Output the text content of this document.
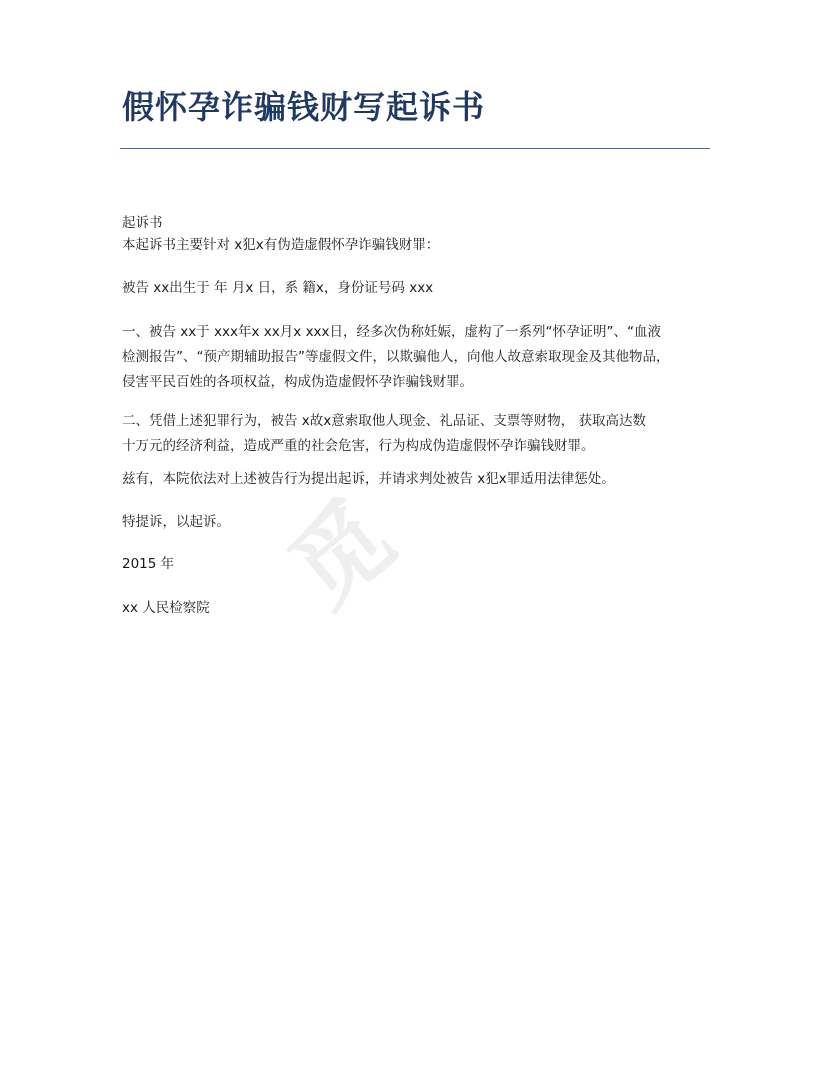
觅
假怀孕诈骗钱财写起诉书

起诉书
本起诉书主要针对 x犯x有伪造虚假怀孕诈骗钱财罪：

被告 xx出生于 年 月x 日，系 籍x，身份证号码 xxx

一、被告 xx于 xxx年x xx月x xxx日，经多次伪称妊娠，虚构了一系列“怀孕证明”、“血液
检测报告”、“预产期辅助报告”等虚假文件，以欺骗他人，向他人故意索取现金及其他物品，
侵害平民百姓的各项权益，构成伪造虚假怀孕诈骗钱财罪。

二、凭借上述犯罪行为，被告 x故x意索取他人现金、礼品证、支票等财物， 获取高达数
十万元的经济利益，造成严重的社会危害，行为构成伪造虚假怀孕诈骗钱财罪。

兹有，本院依法对上述被告行为提出起诉，并请求判处被告 x犯x罪适用法律惩处。

特提诉，以起诉。

2015 年

xx 人民检察院
